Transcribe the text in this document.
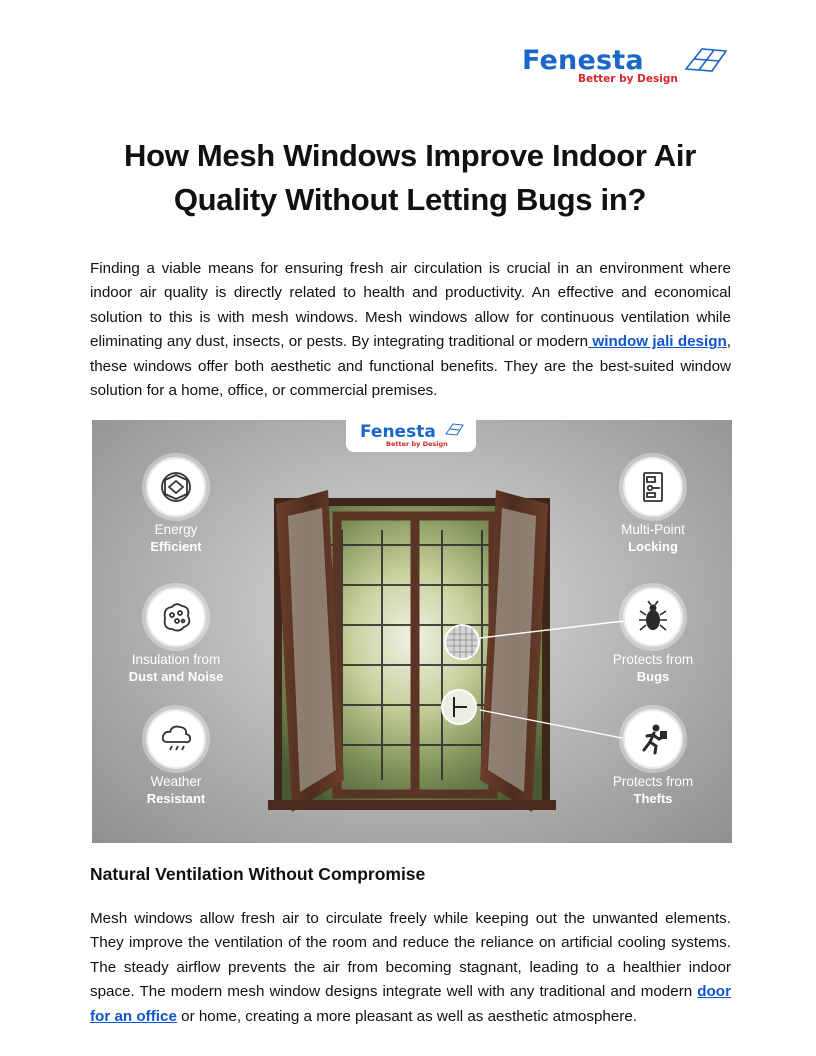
Fenesta
Better by Design
How Mesh Windows Improve Indoor Air
Quality Without Letting Bugs in?

Finding a viable means for ensuring fresh air circulation is crucial in an environment where indoor air quality is directly related to health and productivity. An effective and economical solution to this is with mesh windows. Mesh windows allow for continuous ventilation while eliminating any dust, insects, or pests. By integrating traditional or modern window jali design, these windows offer both aesthetic and functional benefits. They are the best-suited window solution for a home, office, or commercial premises.

Fenesta
Better by Design
Energy
Efficient
Insulation from
Dust and Noise
Weather
Resistant
Multi-Point
Locking
Protects from
Bugs
Protects from
Thefts
Natural Ventilation Without Compromise

Mesh windows allow fresh air to circulate freely while keeping out the unwanted elements. They improve the ventilation of the room and reduce the reliance on artificial cooling systems. The steady airflow prevents the air from becoming stagnant, leading to a healthier indoor space. The modern mesh window designs integrate well with any traditional and modern door for an office or home, creating a more pleasant as well as aesthetic atmosphere.
